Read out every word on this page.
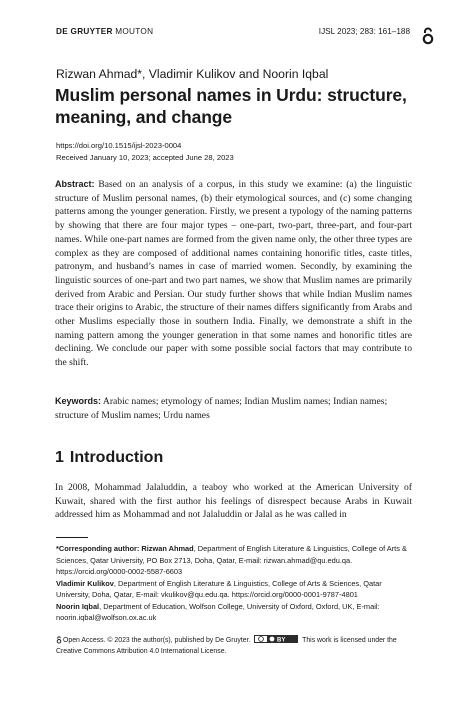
DE GRUYTER MOUTON	IJSL 2023; 283: 161–188
Rizwan Ahmad*, Vladimir Kulikov and Noorin Iqbal
Muslim personal names in Urdu: structure,
meaning, and change
https://doi.org/10.1515/ijsl-2023-0004
Received January 10, 2023; accepted June 28, 2023

Abstract: Based on an analysis of a corpus, in this study we examine: (a) the linguistic structure of Muslim personal names, (b) their etymological sources, and (c) some changing patterns among the younger generation. Firstly, we present a typology of the naming patterns by showing that there are four major types – one-part, two-part, three-part, and four-part names. While one-part names are formed from the given name only, the other three types are complex as they are composed of additional names containing honorific titles, caste titles, patronym, and husband’s names in case of married women. Secondly, by examining the linguistic sources of one-part and two part names, we show that Muslim names are primarily derived from Arabic and Persian. Our study further shows that while Indian Muslim names trace their origins to Arabic, the structure of their names differs significantly from Arabs and other Muslims especially those in southern India. Finally, we demonstrate a shift in the naming pattern among the younger generation in that some names and honorific titles are declining. We conclude our paper with some possible social factors that may contribute to the shift.

Keywords: Arabic names; etymology of names; Indian Muslim names; Indian names; structure of Muslim names; Urdu names

1 Introduction

In 2008, Mohammad Jalaluddin, a teaboy who worked at the American University of Kuwait, shared with the first author his feelings of disrespect because Arabs in Kuwait addressed him as Mohammad and not Jalaluddin or Jalal as he was called in

*Corresponding author: Rizwan Ahmad, Department of English Literature & Linguistics, College of Arts & Sciences, Qatar University, PO Box 2713, Doha, Qatar, E-mail: rizwan.ahmad@qu.edu.qa. https://orcid.org/0000-0002-5587-6603

Vladimir Kulikov, Department of English Literature & Linguistics, College of Arts & Sciences, Qatar University, Doha, Qatar, E-mail: vkulikov@qu.edu.qa. https://orcid.org/0000-0001-9787-4801

Noorin Iqbal, Department of Education, Wolfson College, University of Oxford, Oxford, UK, E-mail: noorin.iqbal@wolfson.ox.ac.uk

Open Access. © 2023 the author(s), published by De Gruyter.	BY This work is licensed under the Creative Commons Attribution 4.0 International License.
